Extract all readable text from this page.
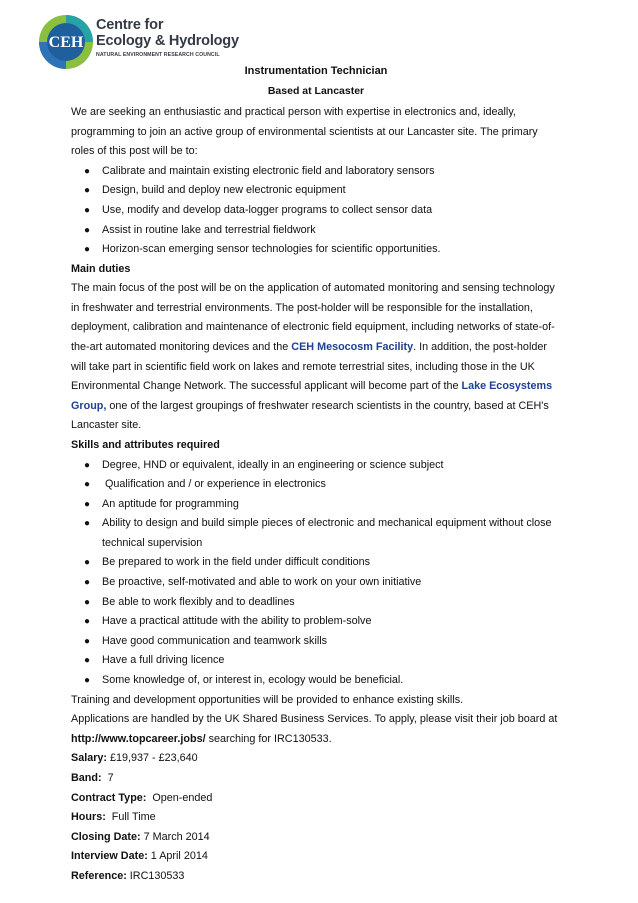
CEH
Centre for
Ecology & Hydrology
NATURAL ENVIRONMENT RESEARCH COUNCIL

Instrumentation Technician

Based at Lancaster

We are seeking an enthusiastic and practical person with expertise in electronics and, ideally, programming to join an active group of environmental scientists at our Lancaster site. The primary roles of this post will be to:

● Calibrate and maintain existing electronic field and laboratory sensors
● Design, build and deploy new electronic equipment
● Use, modify and develop data-logger programs to collect sensor data
● Assist in routine lake and terrestrial fieldwork
● Horizon-scan emerging sensor technologies for scientific opportunities.

Main duties

The main focus of the post will be on the application of automated monitoring and sensing technology in freshwater and terrestrial environments. The post-holder will be responsible for the installation, deployment, calibration and maintenance of electronic field equipment, including networks of state-of-the-art automated monitoring devices and the CEH Mesocosm Facility. In addition, the post-holder will take part in scientific field work on lakes and remote terrestrial sites, including those in the UK Environmental Change Network. The successful applicant will become part of the Lake Ecosystems Group, one of the largest groupings of freshwater research scientists in the country, based at CEH's Lancaster site.

Skills and attributes required

● Degree, HND or equivalent, ideally in an engineering or science subject
● Qualification and / or experience in electronics
● An aptitude for programming
● Ability to design and build simple pieces of electronic and mechanical equipment without close technical supervision
● Be prepared to work in the field under difficult conditions
● Be proactive, self-motivated and able to work on your own initiative
● Be able to work flexibly and to deadlines
● Have a practical attitude with the ability to problem-solve
● Have good communication and teamwork skills
● Have a full driving licence
● Some knowledge of, or interest in, ecology would be beneficial.

Training and development opportunities will be provided to enhance existing skills.

Applications are handled by the UK Shared Business Services. To apply, please visit their job board at http://www.topcareer.jobs/ searching for IRC130533.

Salary: £19,937 - £23,640

Band:  7

Contract Type:  Open-ended

Hours:  Full Time

Closing Date: 7 March 2014

Interview Date: 1 April 2014

Reference: IRC130533
